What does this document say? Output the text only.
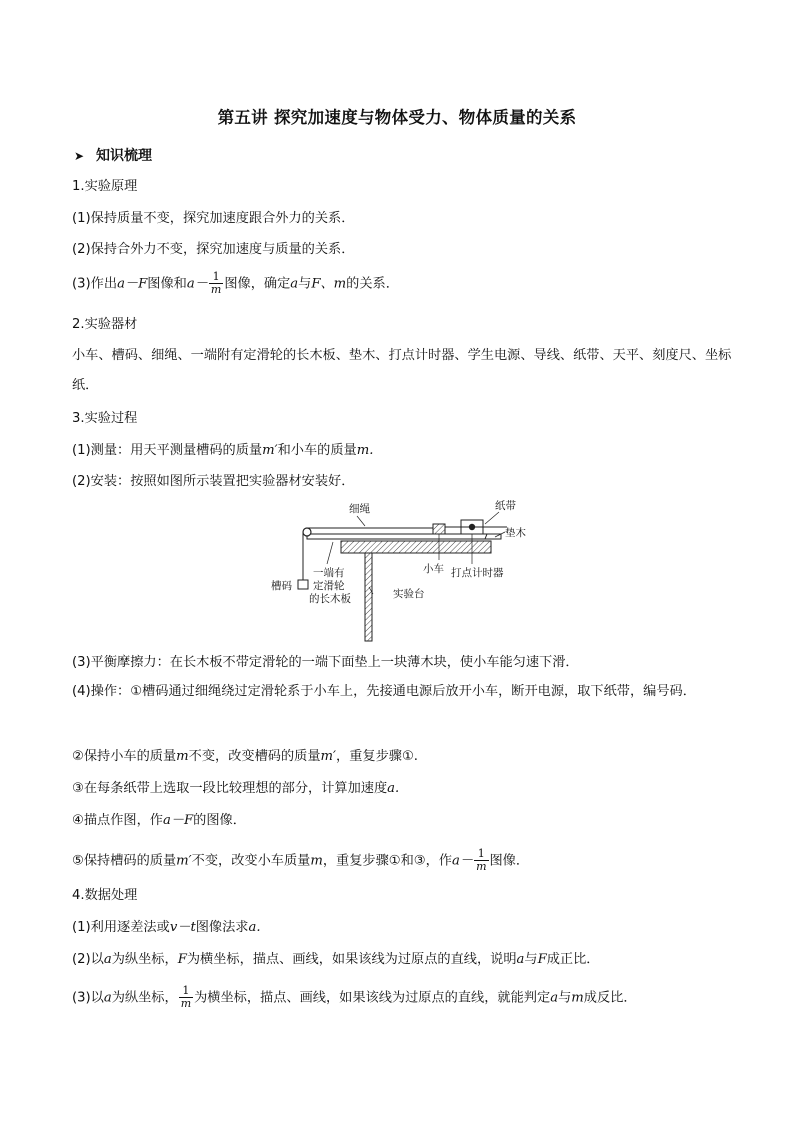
第五讲 探究加速度与物体受力、物体质量的关系
➤ 知识梳理
1.实验原理
(1)保持质量不变，探究加速度跟合外力的关系．
(2)保持合外力不变，探究加速度与质量的关系．
(3)作出a－F图像和$a- \frac{1}{m}$ 图像，确定a与F、m的关系．
2.实验器材
小车、槽码、细绳、一端附有定滑轮的长木板、垫木、打点计时器、学生电源、导线、纸带、天平、刻度尺、坐标纸．
3.实验过程
(1)测量：用天平测量槽码的质量m′和小车的质量m.
(2)安装：按照如图所示装置把实验器材安装好．
细绳	纸带
垫木
槽码
一端有
定滑轮
的长木板
小车 打点计时器
实验台
(3)平衡摩擦力：在长木板不带定滑轮的一端下面垫上一块薄木块，使小车能匀速下滑．
(4)操作：①槽码通过细绳绕过定滑轮系于小车上，先接通电源后放开小车，断开电源，取下纸带，编号码．
②保持小车的质量m不变，改变槽码的质量m′，重复步骤①.
③在每条纸带上选取一段比较理想的部分，计算加速度a.
④描点作图，作a－F的图像．
⑤保持槽码的质量m′不变，改变小车质量m，重复步骤①和③，作$a- \frac{1}{m}$ 图像．
4.数据处理
(1)利用逐差法或v－t图像法求a.
(2)以a为纵坐标，F为横坐标，描点、画线，如果该线为过原点的直线，说明a与F成正比．
(3)以a为纵坐标， $\frac{1}{m}$ 为横坐标，描点、画线，如果该线为过原点的直线，就能判定a与m成反比．
